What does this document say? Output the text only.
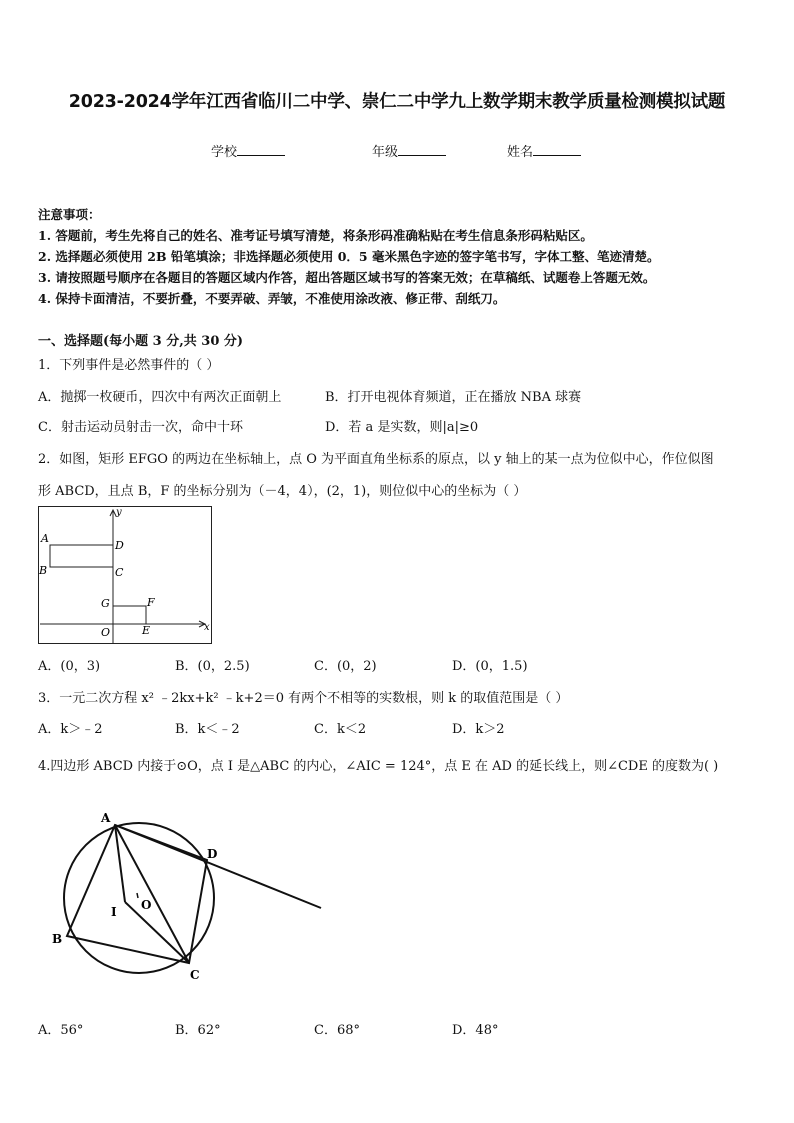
2023-2024学年江西省临川二中学、崇仁二中学九上数学期末教学质量检测模拟试题
学校	年级	姓名
注意事项：
1. 答题前，考生先将自己的姓名、准考证号填写清楚，将条形码准确粘贴在考生信息条形码粘贴区。
2. 选择题必须使用 2B 铅笔填涂；非选择题必须使用 0．5 毫米黑色字迹的签字笔书写，字体工整、笔迹清楚。
3. 请按照题号顺序在各题目的答题区域内作答，超出答题区域书写的答案无效；在草稿纸、试题卷上答题无效。
4. 保持卡面清洁，不要折叠，不要弄破、弄皱，不准使用涂改液、修正带、刮纸刀。
一、选择题(每小题 3 分,共 30 分)
1．下列事件是必然事件的（ ）
A．抛掷一枚硬币，四次中有两次正面朝上	B．打开电视体育频道，正在播放 NBA 球赛
C．射击运动员射击一次，命中十环	D．若 a 是实数，则|a|≥0
2．如图，矩形 EFGO 的两边在坐标轴上，点 O 为平面直角坐标系的原点，以 y 轴上的某一点为位似中心，作位似图
形 ABCD，且点 B，F 的坐标分别为（－4，4），(2，1)，则位似中心的坐标为（ ）
A
B	C
D
E
F
G
O	x
y
A．(0，3)	B．(0，2.5)	C．(0，2)	D．(0，1.5)
3．一元二次方程 x² ﹣2kx+k² ﹣k+2＝0 有两个不相等的实数根，则 k 的取值范围是（ ）
A．k＞﹣2	B．k＜﹣2	C．k＜2	D．k＞2
4.四边形 ABCD 内接于⊙O，点 I 是△ABC 的内心，∠AIC = 124°，点 E 在 AD 的延长线上，则∠CDE 的度数为( )
A
D
B
C
I O
A．56°	B．62°	C．68°	D．48°
